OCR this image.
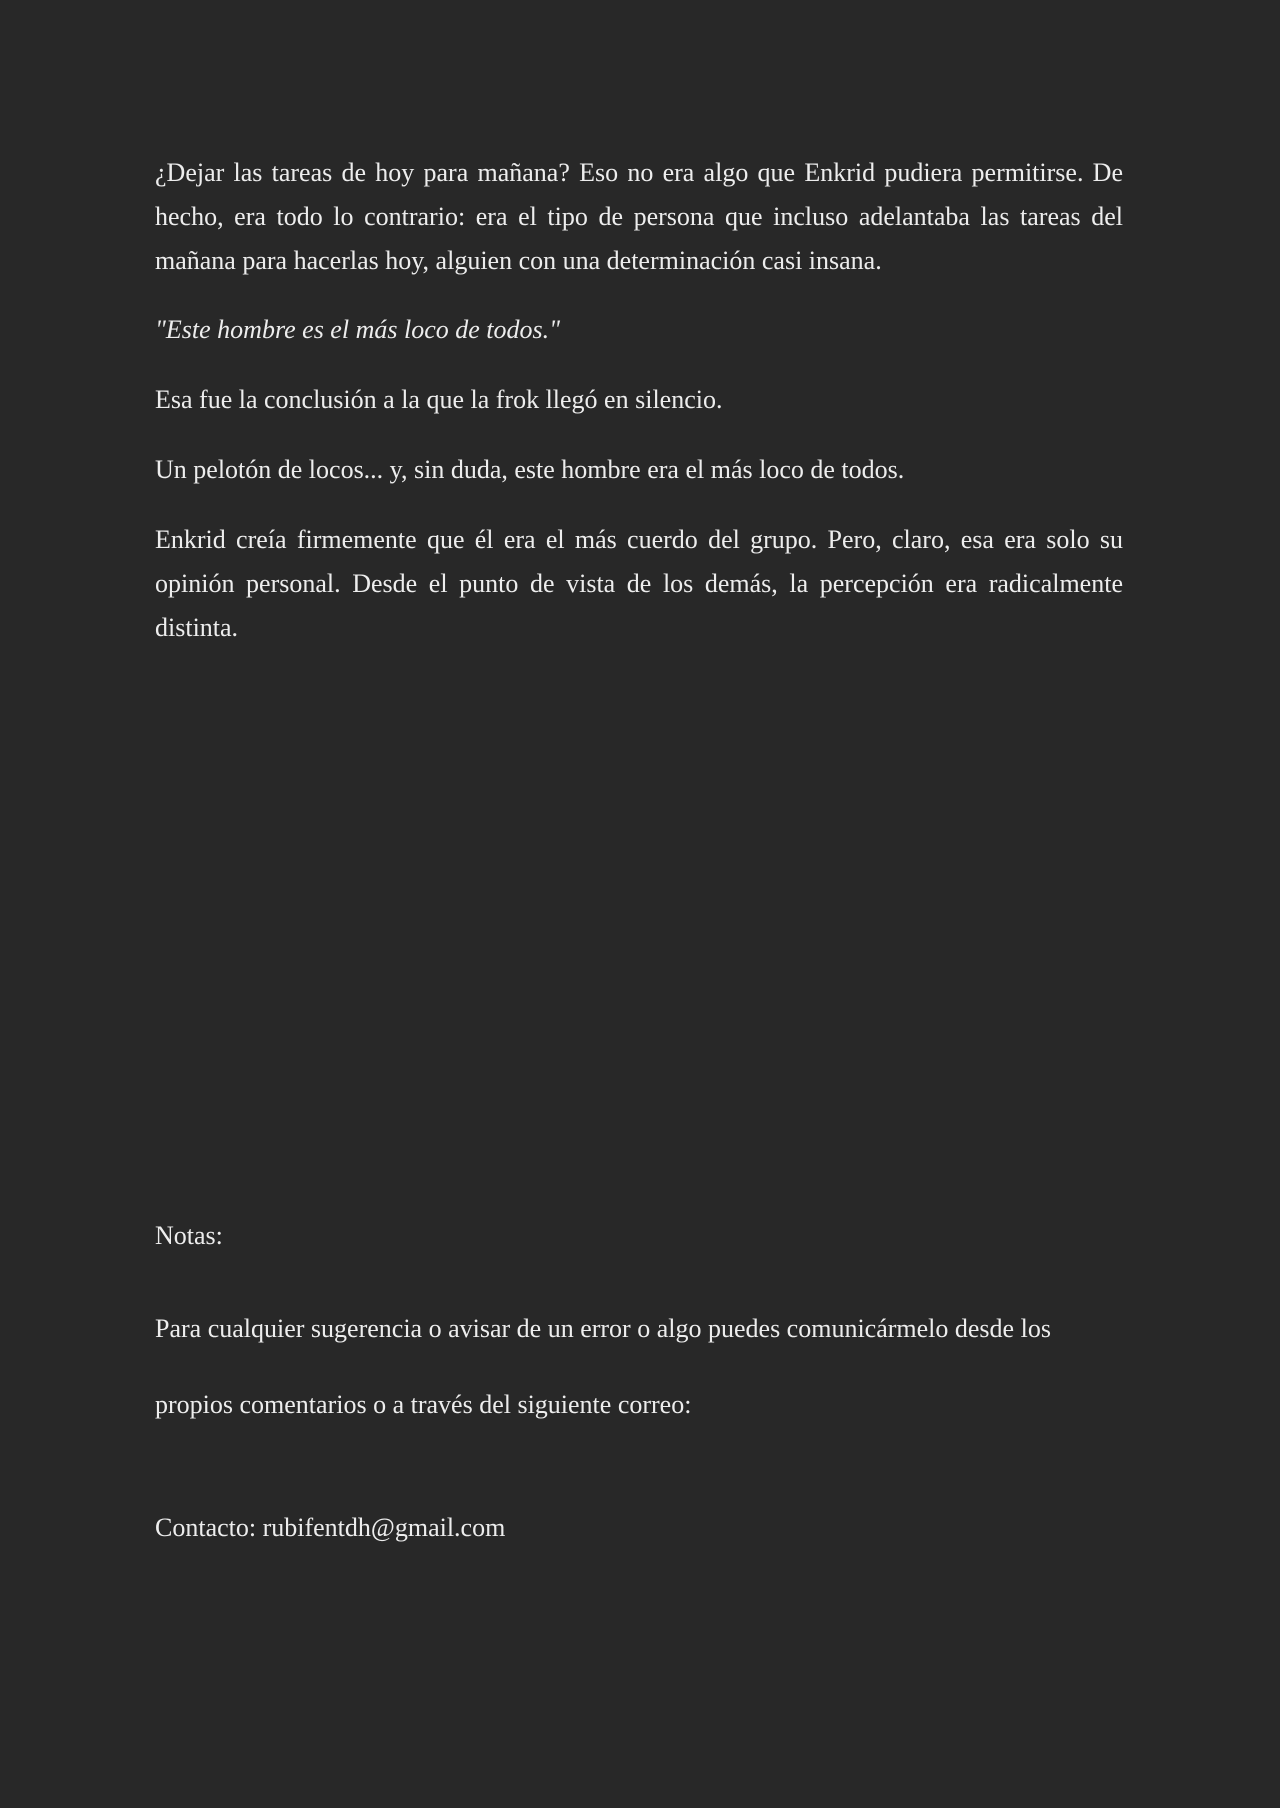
¿Dejar las tareas de hoy para mañana? Eso no era algo que Enkrid pudiera permitirse. De hecho, era todo lo contrario: era el tipo de persona que incluso adelantaba las tareas del mañana para hacerlas hoy, alguien con una determinación casi insana.

"Este hombre es el más loco de todos."

Esa fue la conclusión a la que la frok llegó en silencio.

Un pelotón de locos... y, sin duda, este hombre era el más loco de todos.

Enkrid creía firmemente que él era el más cuerdo del grupo. Pero, claro, esa era solo su opinión personal. Desde el punto de vista de los demás, la percepción era radicalmente distinta.

Notas:

Para cualquier sugerencia o avisar de un error o algo puedes comunicármelo desde los propios comentarios o a través del siguiente correo:

Contacto: rubifentdh@gmail.com
